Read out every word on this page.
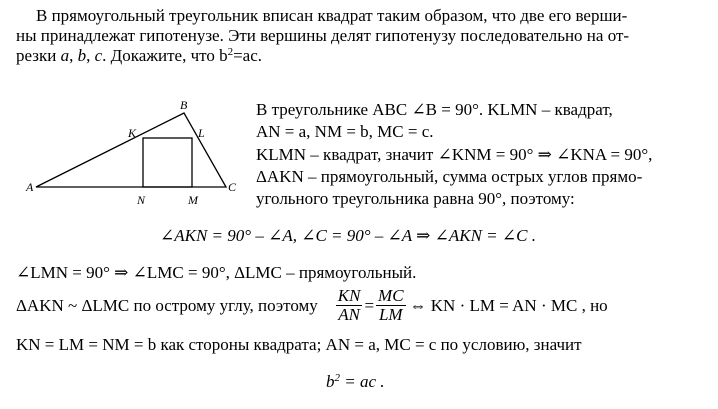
В прямоугольный треугольник вписан квадрат таким образом, что две его верши-
ны принадлежат гипотенузе. Эти вершины делят гипотенузу последовательно на от-
резки a, b, c. Докажите, что $b^2=ac$.
A
B
C
K	L
M
N
В треугольнике ABC ∠B = 90°. KLMN – квадрат,
AN = a, NM = b, MC = c.
KLMN – квадрат, значит ∠KNM = 90° ⇒ ∠KNA = 90°,
ΔAKN – прямоугольный, сумма острых углов прямо-
угольного треугольника равна 90°, поэтому:
∠AKN = 90° – ∠A, ∠C = 90° – ∠A ⇒ ∠AKN = ∠C .
∠LMN = 90° ⇒ ∠LMC = 90°, ΔLMC – прямоугольный.
ΔAKN ~ ΔLMC по острому углу, поэтому $\frac{KN}{AN} = \frac{MC}{LM}$ ⇔ KN · LM = AN · MC , но
KN = LM = NM = b как стороны квадрата; AN = a, MC = c по условию, значит
$b^2$ = ac .
